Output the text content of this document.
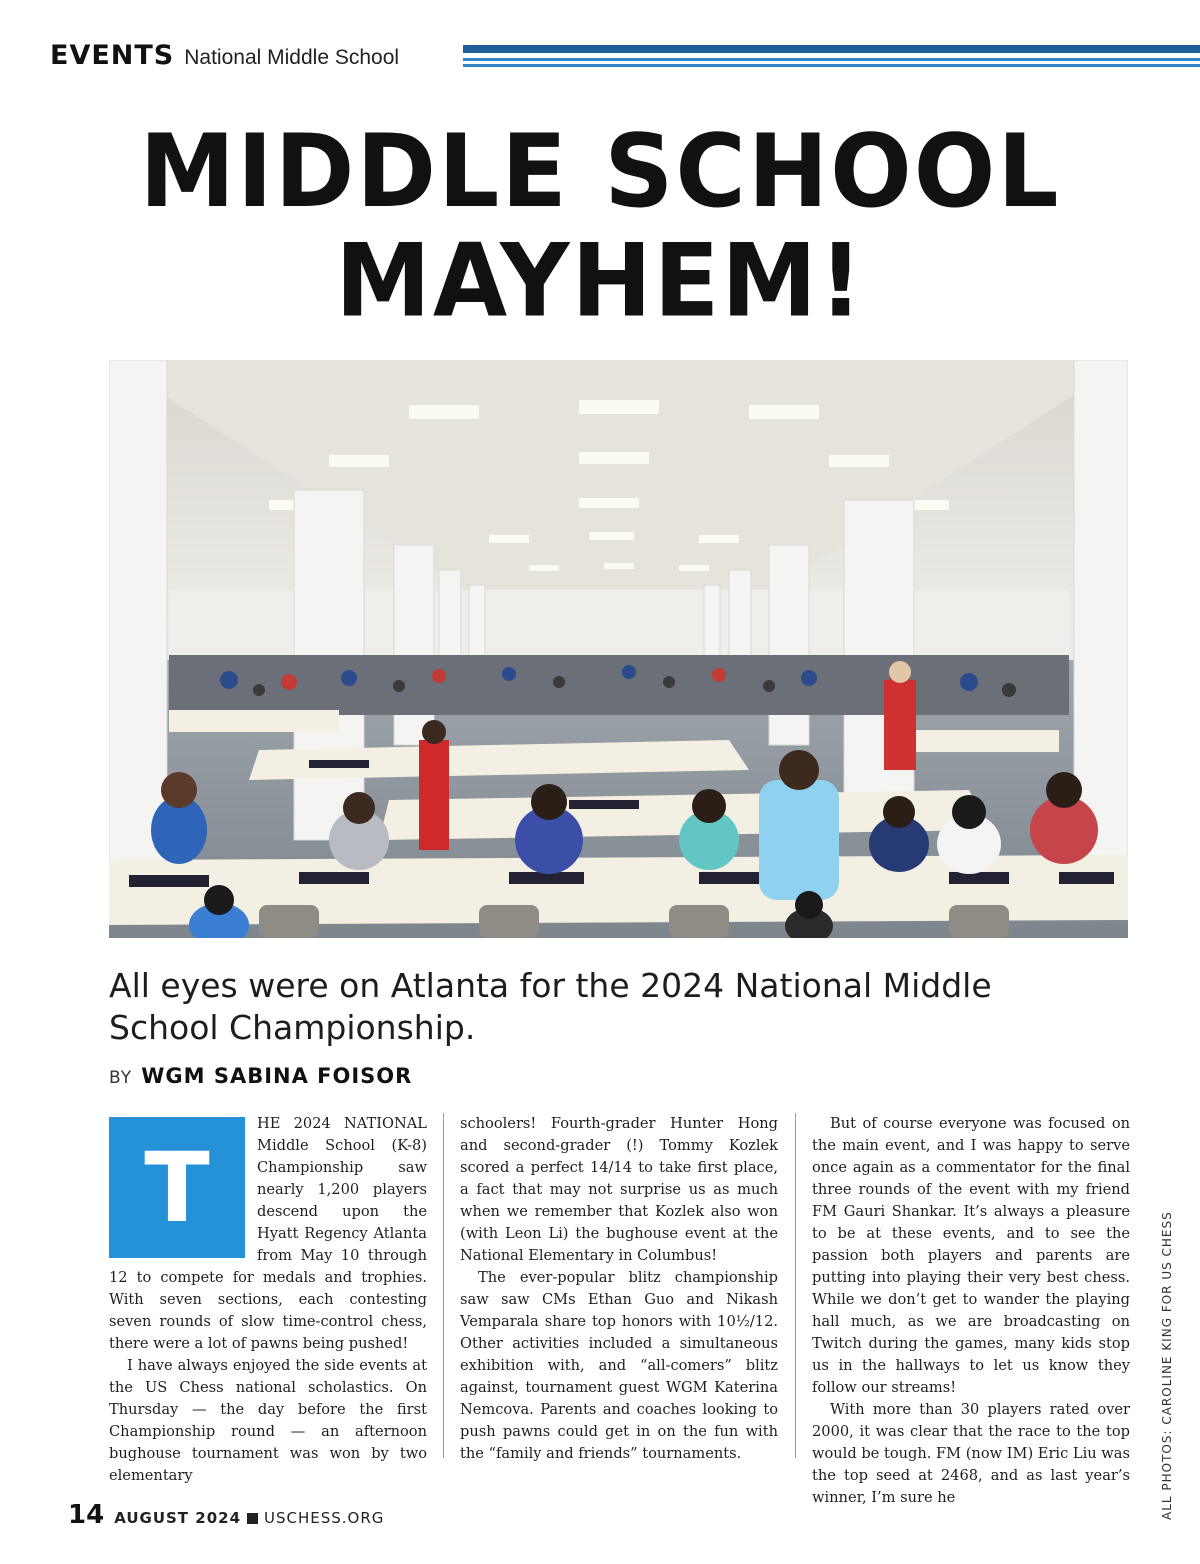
EVENTS National Middle School
MIDDLE SCHOOL
MAYHEM!
All eyes were on Atlanta for the 2024 National Middle School Championship.
BY WGM SABINA FOISOR
T

HE 2024 NATIONAL Middle School (K-8) Championship saw nearly 1,200 players descend upon the Hyatt Regency Atlanta from May 10 through 12 to compete for medals and trophies. With seven sections, each contesting seven rounds of slow time-control chess, there were a lot of pawns being pushed!

I have always enjoyed the side events at the US Chess national scholastics. On Thursday — the day before the first Championship round — an afternoon bughouse tournament was won by two elementary

schoolers! Fourth-grader Hunter Hong and second-grader (!) Tommy Kozlek scored a perfect 14/14 to take first place, a fact that may not surprise us as much when we remember that Kozlek also won (with Leon Li) the bughouse event at the National Elementary in Columbus!

The ever-popular blitz championship saw saw CMs Ethan Guo and Nikash Vemparala share top honors with 10½/12. Other activities included a simultaneous exhibition with, and “all-comers” blitz against, tournament guest WGM Katerina Nemcova. Parents and coaches looking to push pawns could get in on the fun with the “family and friends” tournaments.

But of course everyone was focused on the main event, and I was happy to serve once again as a commentator for the final three rounds of the event with my friend FM Gauri Shankar. It’s always a pleasure to be at these events, and to see the passion both players and parents are putting into playing their very best chess. While we don’t get to wander the playing hall much, as we are broadcasting on Twitch during the games, many kids stop us in the hallways to let us know they follow our streams!

With more than 30 players rated over 2000, it was clear that the race to the top would be tough. FM (now IM) Eric Liu was the top seed at 2468, and as last year’s winner, I’m sure he	ALL PHOTOS: CAROLINE KING FOR US CHESS
14 AUGUST 2024 USCHESS.ORG
